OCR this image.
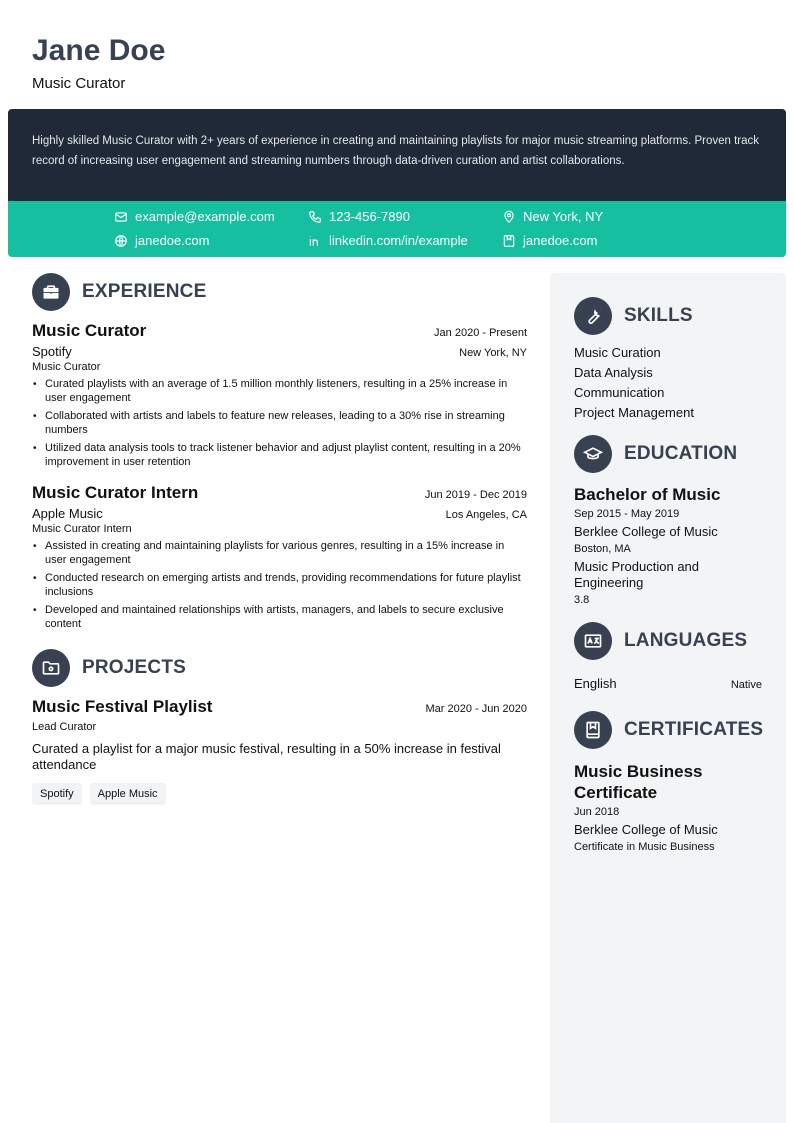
Jane Doe
Music Curator
Highly skilled Music Curator with 2+ years of experience in creating and maintaining playlists for major music streaming platforms. Proven track record of increasing user engagement and streaming numbers through data-driven curation and artist collaborations.
example@example.com	123-456-7890	New York, NY
janedoe.com	linkedin.com/in/example	janedoe.com
EXPERIENCE
Music Curator	Jan 2020 - Present
Spotify	New York, NY
Music Curator
• Curated playlists with an average of 1.5 million monthly listeners, resulting in a 25% increase in user engagement
• Collaborated with artists and labels to feature new releases, leading to a 30% rise in streaming numbers
• Utilized data analysis tools to track listener behavior and adjust playlist content, resulting in a 20% improvement in user retention
Music Curator Intern	Jun 2019 - Dec 2019
Apple Music	Los Angeles, CA
Music Curator Intern
• Assisted in creating and maintaining playlists for various genres, resulting in a 15% increase in user engagement
• Conducted research on emerging artists and trends, providing recommendations for future playlist inclusions
• Developed and maintained relationships with artists, managers, and labels to secure exclusive content
PROJECTS
Music Festival Playlist	Mar 2020 - Jun 2020
Lead Curator
Curated a playlist for a major music festival, resulting in a 50% increase in festival attendance
Spotify	Apple Music
SKILLS
Music Curation
Data Analysis
Communication
Project Management
EDUCATION
Bachelor of Music
Sep 2015 - May 2019
Berklee College of Music
Boston, MA
Music Production and Engineering
3.8
LANGUAGES
English	Native
CERTIFICATES
Music Business Certificate
Jun 2018
Berklee College of Music
Certificate in Music Business
